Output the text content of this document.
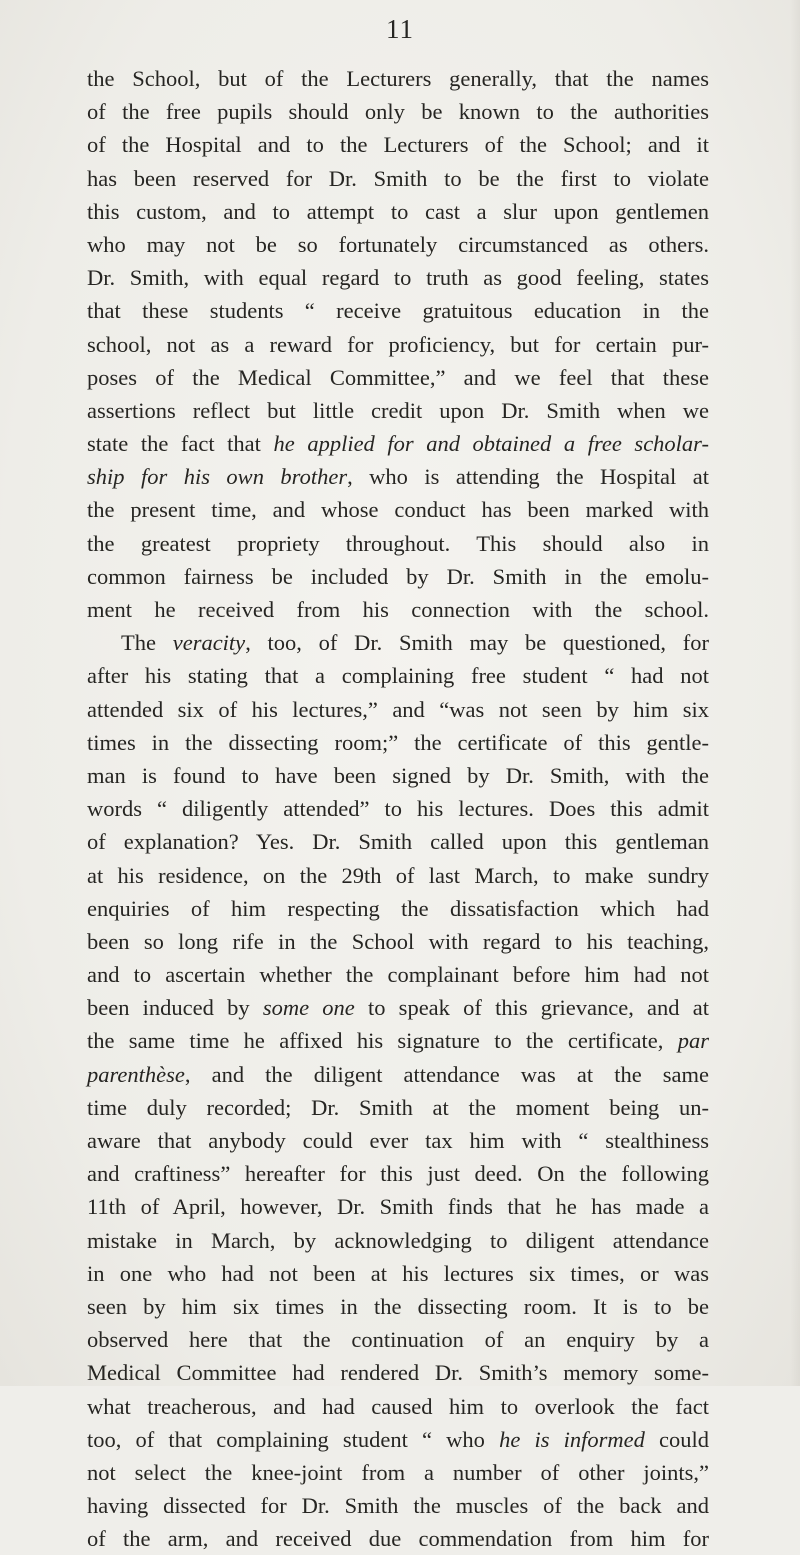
11
the School, but of the Lecturers generally, that the names
of the free pupils should only be known to the authorities
of the Hospital and to the Lecturers of the School; and it
has been reserved for Dr. Smith to be the first to violate
this custom, and to attempt to cast a slur upon gentlemen
who may not be so fortunately circumstanced as others.
Dr. Smith, with equal regard to truth as good feeling, states
that these students “ receive gratuitous education in the
school, not as a reward for proficiency, but for certain pur-
poses of the Medical Committee,” and we feel that these
assertions reflect but little credit upon Dr. Smith when we
state the fact that he applied for and obtained a free scholar-
ship for his own brother, who is attending the Hospital at
the present time, and whose conduct has been marked with
the greatest propriety throughout. This should also in
common fairness be included by Dr. Smith in the emolu-
ment he received from his connection with the school.
The veracity, too, of Dr. Smith may be questioned, for
after his stating that a complaining free student “ had not
attended six of his lectures,” and “was not seen by him six
times in the dissecting room;” the certificate of this gentle-
man is found to have been signed by Dr. Smith, with the
words “ diligently attended” to his lectures. Does this admit
of explanation? Yes. Dr. Smith called upon this gentleman
at his residence, on the 29th of last March, to make sundry
enquiries of him respecting the dissatisfaction which had
been so long rife in the School with regard to his teaching,
and to ascertain whether the complainant before him had not
been induced by some one to speak of this grievance, and at
the same time he affixed his signature to the certificate, par
parenthèse, and the diligent attendance was at the same
time duly recorded; Dr. Smith at the moment being un-
aware that anybody could ever tax him with “ stealthiness
and craftiness” hereafter for this just deed. On the following
11th of April, however, Dr. Smith finds that he has made a
mistake in March, by acknowledging to diligent attendance
in one who had not been at his lectures six times, or was
seen by him six times in the dissecting room. It is to be
observed here that the continuation of an enquiry by a
Medical Committee had rendered Dr. Smith’s memory some-
what treacherous, and had caused him to overlook the fact
too, of that complaining student “ who he is informed could
not select the knee-joint from a number of other joints,”
having dissected for Dr. Smith the muscles of the back and
of the arm, and received due commendation from him for
